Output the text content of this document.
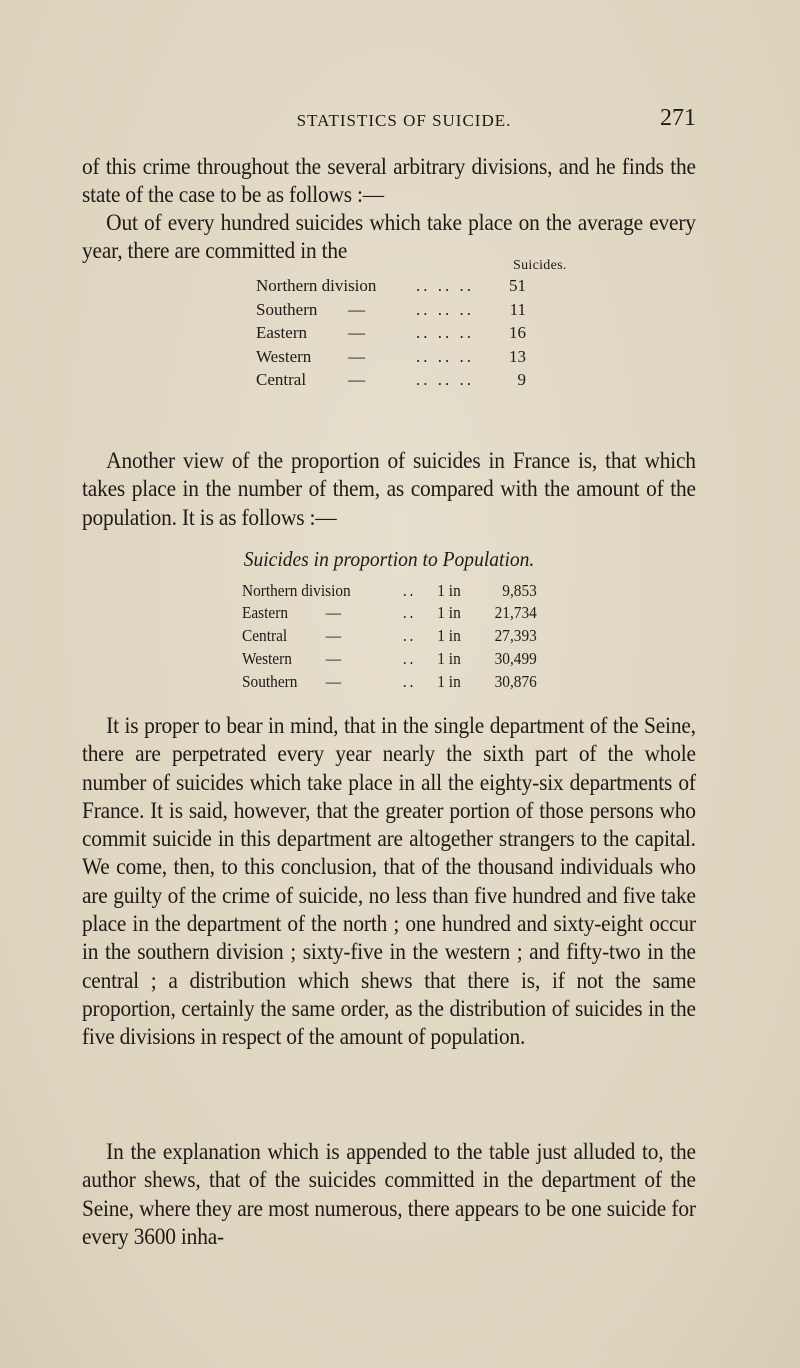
STATISTICS OF SUICIDE.	271

of this crime throughout the several arbitrary divisions, and he finds the state of the case to be as follows :—

Out of every hundred suicides which take place on the average every year, there are committed in the

Suicides.
Northern division .. .. .. 51
Southern —	.. .. .. 11
Eastern —	.. .. .. 16
Western —	.. .. .. 13
Central —	.. .. ..	9

Another view of the proportion of suicides in France is, that which takes place in the number of them, as compared with the amount of the population. It is as follows :—

Suicides in proportion to Population.
Northern division	.. 1 in	9,853
Eastern —	.. 1 in	21,734
Central —	.. 1 in	27,393
Western —	.. 1 in	30,499
Southern —	.. 1 in	30,876

It is proper to bear in mind, that in the single department of the Seine, there are perpetrated every year nearly the sixth part of the whole number of suicides which take place in all the eighty-six departments of France. It is said, however, that the greater portion of those persons who commit suicide in this department are altogether strangers to the capital. We come, then, to this conclusion, that of the thousand individuals who are guilty of the crime of suicide, no less than five hundred and five take place in the department of the north ; one hundred and sixty-eight occur in the southern division ; sixty-five in the western ; and fifty-two in the central ; a distribution which shews that there is, if not the same proportion, certainly the same order, as the distribution of suicides in the five divisions in respect of the amount of population.

In the explanation which is appended to the table just alluded to, the author shews, that of the suicides committed in the department of the Seine, where they are most numerous, there appears to be one suicide for every 3600 inha-
